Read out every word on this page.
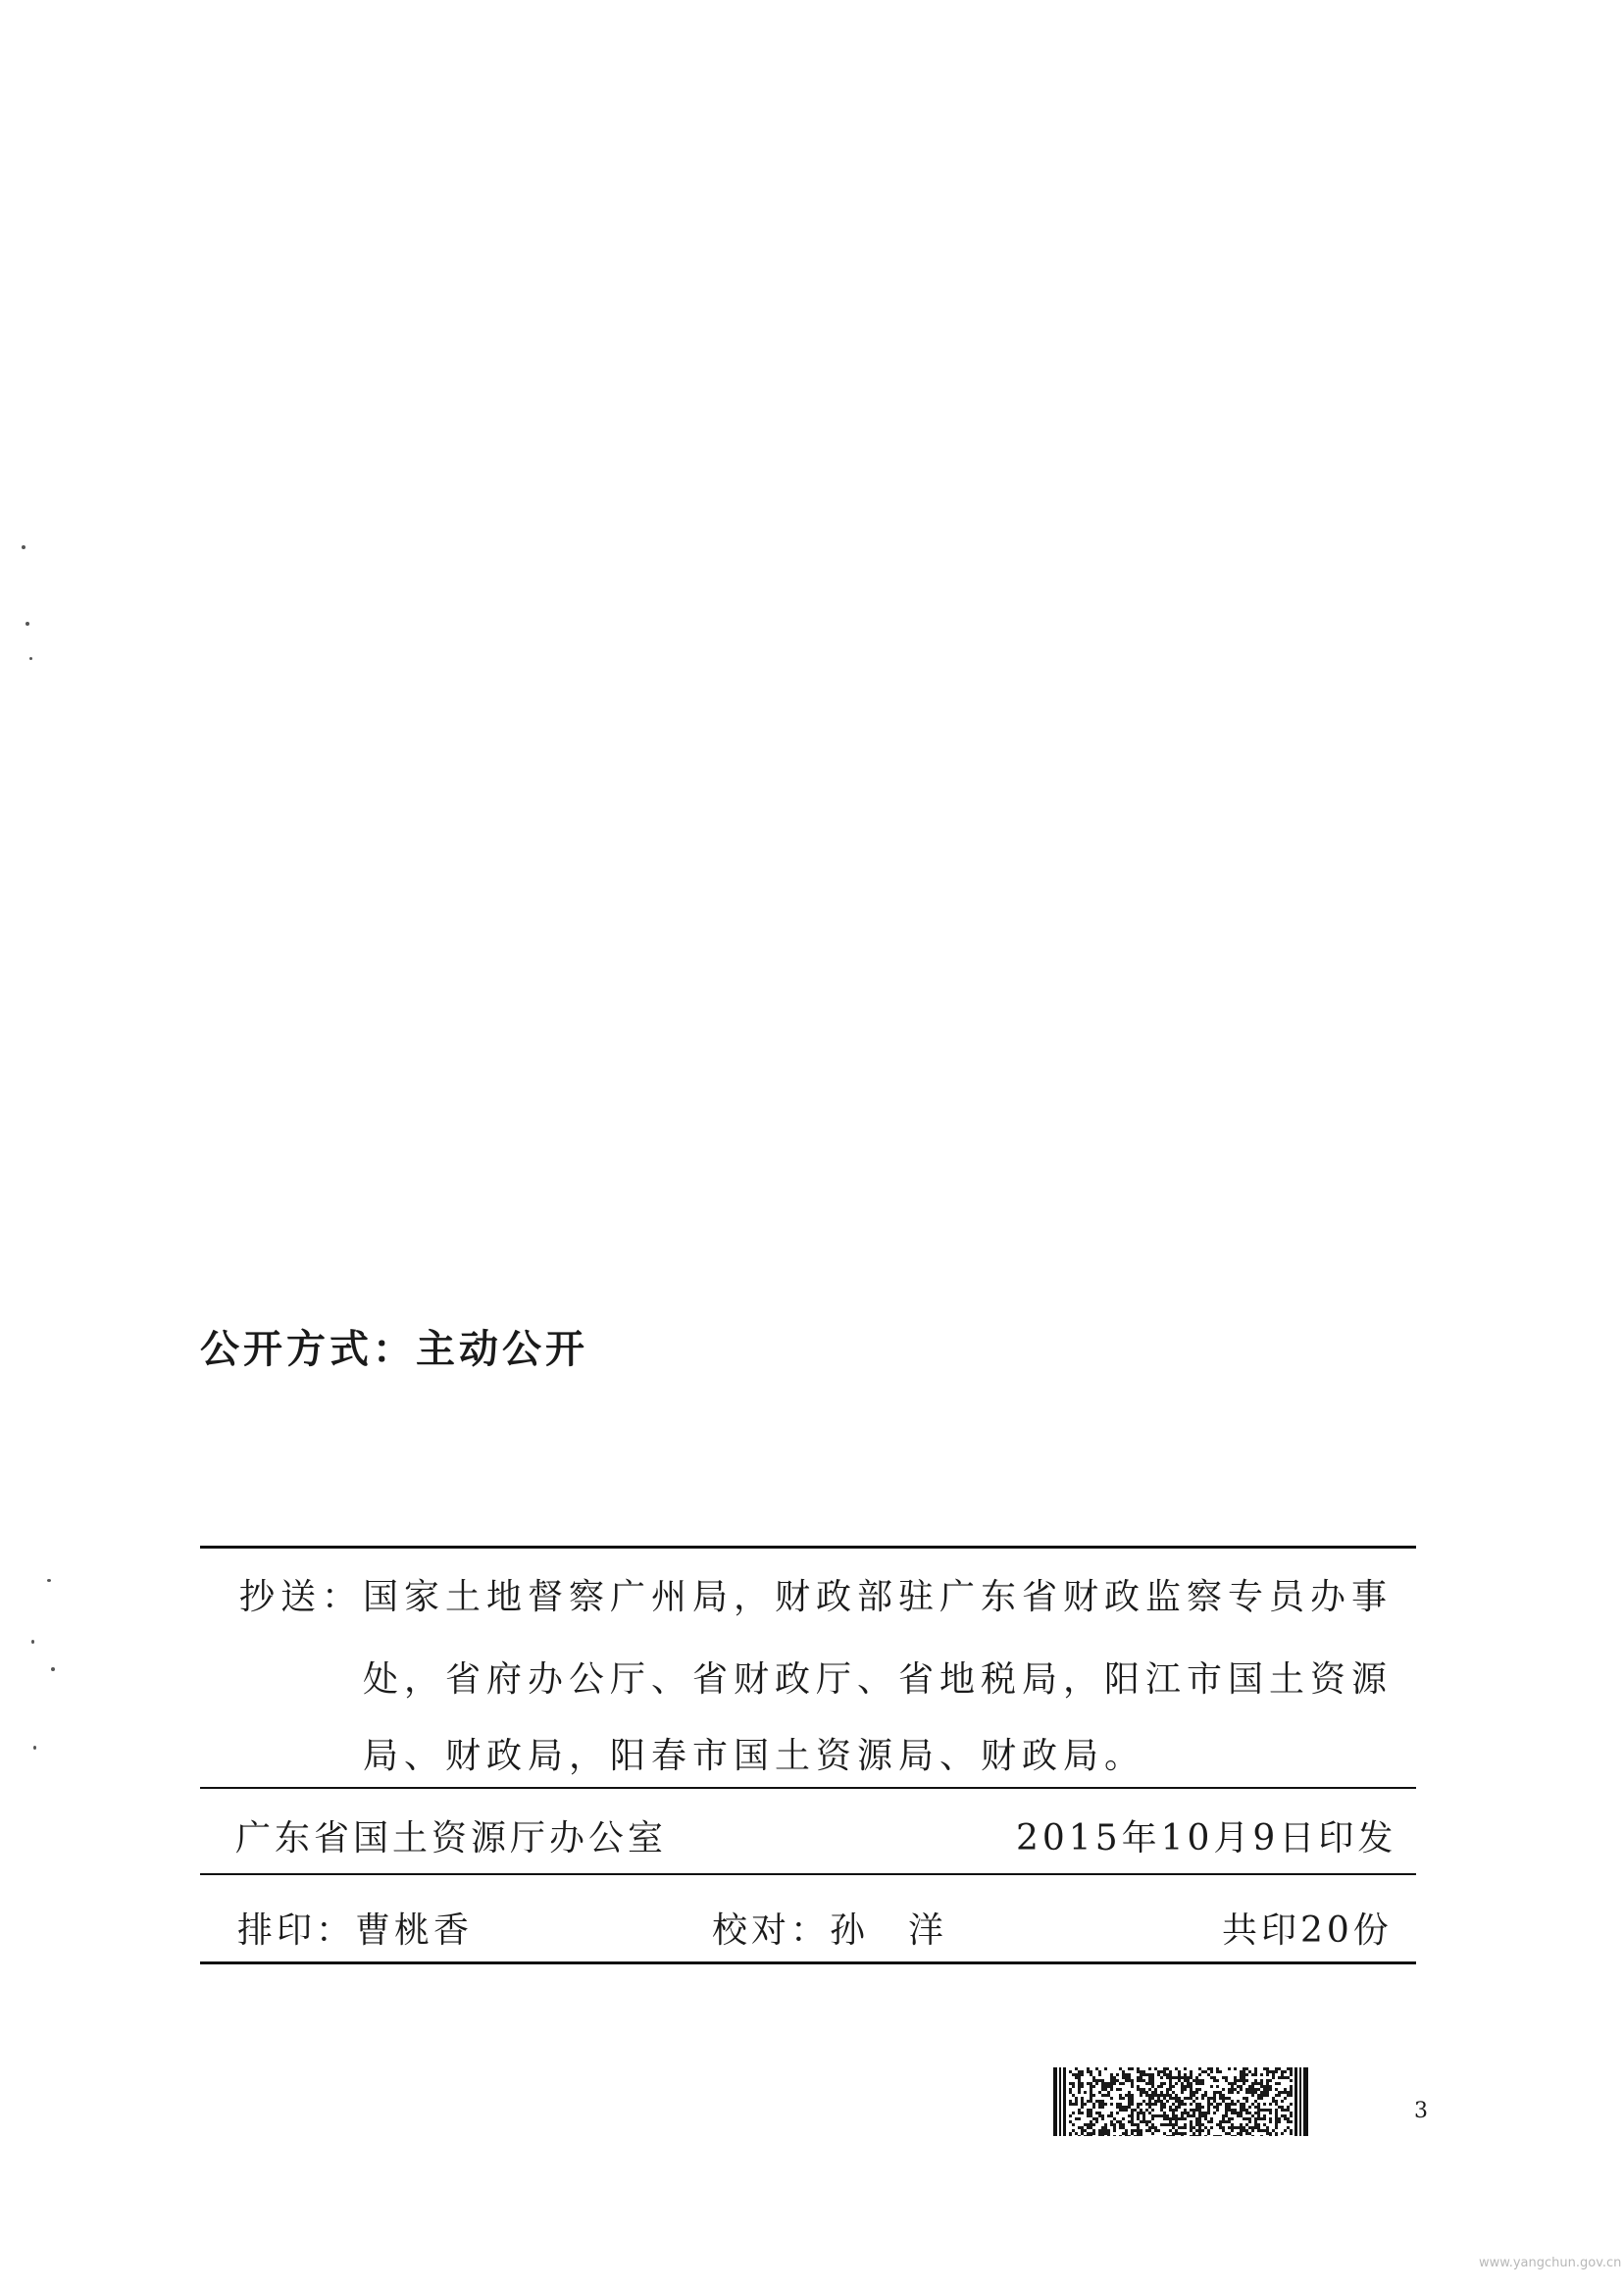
公开方式：主动公开
抄送： 国家土地督察广州局，财政部驻广东省财政监察专员办事
处，省府办公厅、省财政厅、省地税局，阳江市国土资源
局、财政局，阳春市国土资源局、财政局。
广东省国土资源厅办公室	2015年10月9日印发
排印：曹桃香	校对：孙　洋	共印20份
3
www.yangchun.gov.cn
